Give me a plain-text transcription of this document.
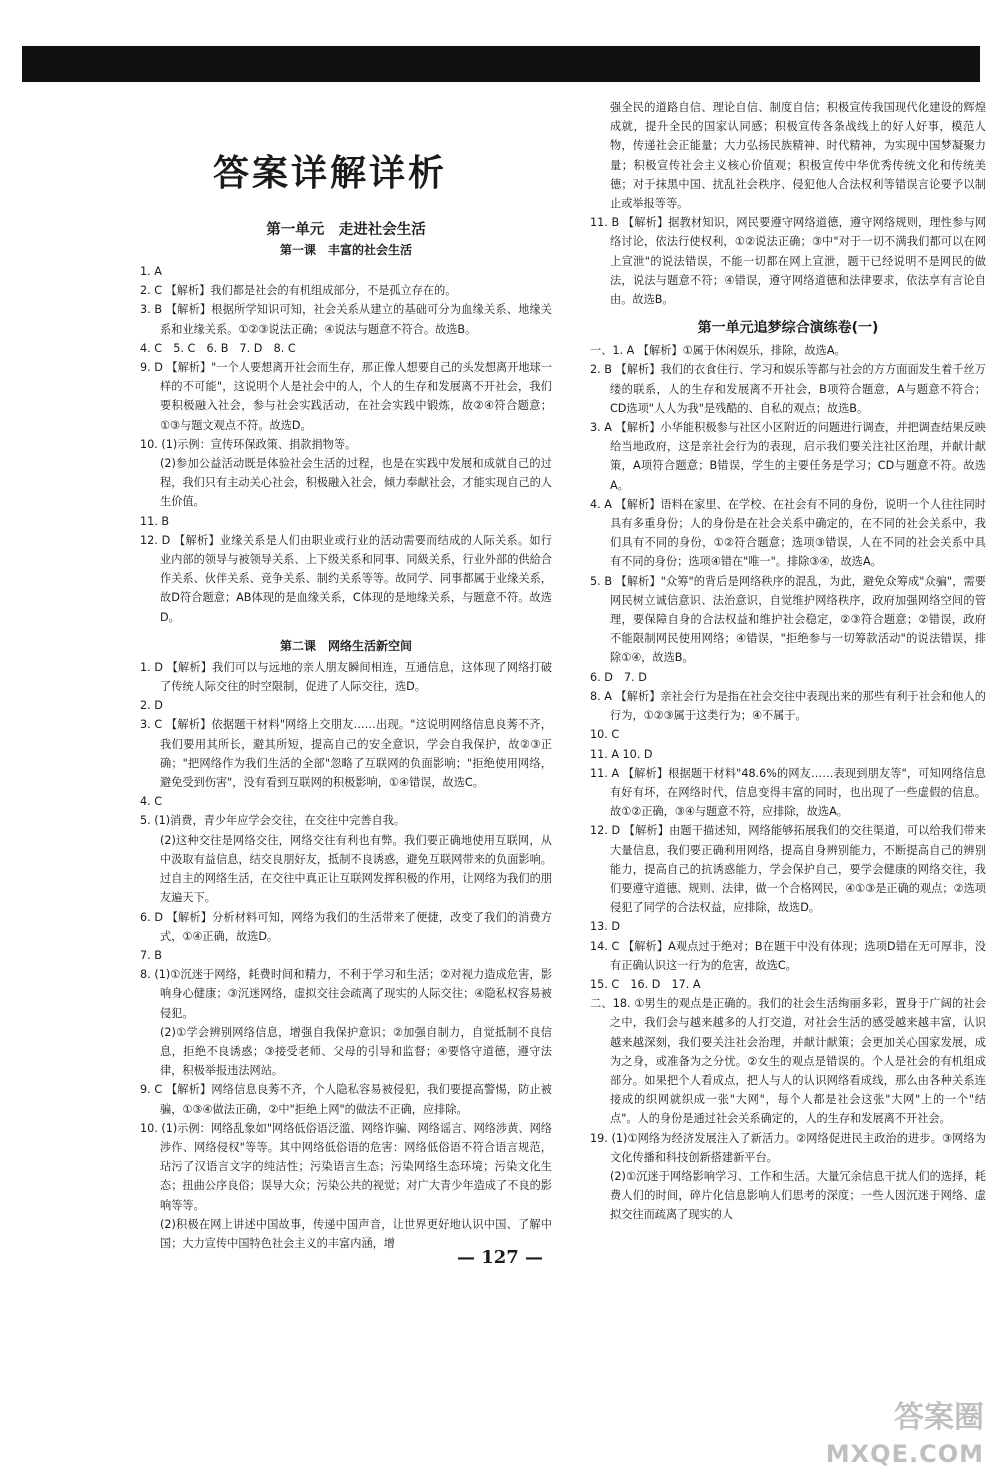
答案详解详析
第一单元　走进社会生活
第一课　丰富的社会生活

1. A

2. C 【解析】我们都是社会的有机组成部分，不是孤立存在的。

3. B 【解析】根据所学知识可知，社会关系从建立的基础可分为血缘关系、地缘关系和业缘关系。①②③说法正确；④说法与题意不符合。故选B。

4. C　5. C　6. B　7. D　8. C

9. D 【解析】"一个人要想离开社会而生存，那正像人想要自己的头发想离开地球一样的不可能"，这说明个人是社会中的人，个人的生存和发展离不开社会，我们要积极融入社会，参与社会实践活动，在社会实践中锻炼，故②④符合题意；①③与题文观点不符。故选D。

10. (1)示例：宣传环保政策、捐款捐物等。

(2)参加公益活动既是体验社会生活的过程，也是在实践中发展和成就自己的过程，我们只有主动关心社会，积极融入社会，倾力奉献社会，才能实现自己的人生价值。

11. B

12. D 【解析】业缘关系是人们由职业或行业的活动需要而结成的人际关系。如行业内部的领导与被领导关系、上下级关系和同事、同級关系，行业外部的供給合作关系、伙伴关系、竞争关系、制约关系等等。故同学、同事都属于业缘关系，故D符合题意；AB体现的是血缘关系，C体现的是地缘关系，与题意不符。故选D。

第二课　网络生活新空间

1. D 【解析】我们可以与远地的亲人朋友瞬间相连，互通信息，这体现了网络打破了传统人际交往的时空限制，促进了人际交往，选D。

2. D

3. C 【解析】依据题干材料"网络上交朋友……出现。"这说明网络信息良莠不齐，我们要用其所长，避其所短，提高自己的安全意识，学会自我保护，故②③正确；"把网络作为我们生活的全部"忽略了互联网的负面影响；"拒绝使用网络，避免受到伤害"，没有看到互联网的积极影响，①④错误，故选C。

4. C

5. (1)消费，青少年应学会交往，在交往中完善自我。

(2)这种交往是网络交往，网络交往有利也有弊。我们要正确地使用互联网，从中汲取有益信息，结交良朋好友，抵制不良诱惑，避免互联网带来的负面影响。过自主的网络生活，在交往中真正让互联网发挥积极的作用，让网络为我们的朋友遍天下。

6. D 【解析】分析材料可知，网络为我们的生活带来了便捷，改变了我们的消费方式，①④正确，故选D。

7. B

8. (1)①沉迷于网络，耗费时间和精力，不利于学习和生活；②对视力造成危害，影响身心健康；③沉迷网络，虚拟交往会疏离了现实的人际交往；④隐私权容易被侵犯。

(2)①学会辨别网络信息，增强自我保护意识；②加强自制力，自觉抵制不良信息，拒绝不良诱惑；③接受老师、父母的引导和监督；④要恪守道德，遵守法律，积极举报违法网站。

9. C 【解析】网络信息良莠不齐，个人隐私容易被侵犯，我们要提高警惕，防止被骗，①③④做法正确，②中"拒绝上网"的做法不正确，应排除。

10. (1)示例：网络乱象如"网络低俗语泛滥、网络诈骗、网络谣言、网络涉黄、网络涉作、网络侵权"等等。其中网络低俗语的危害：网络低俗语不符合语言规范，玷污了汉语言文字的纯洁性；污染语言生态；污染网络生态环境；污染文化生态；扭曲公序良俗；误导大众；污染公共的视觉；对广大青少年造成了不良的影响等等。

(2)积极在网上讲述中国故事，传递中国声音，让世界更好地认识中国、了解中国；大力宣传中国特色社会主义的丰富内涵，增

强全民的道路自信、理论自信、制度自信；积极宣传我国现代化建设的辉煌成就，提升全民的国家认同感；积极宣传各条战线上的好人好事，模范人物，传递社会正能量；大力弘扬民族精神、时代精神，为实现中国梦凝聚力量；积极宣传社会主义核心价值观；积极宣传中华优秀传统文化和传统美德；对于抹黑中国、扰乱社会秩序、侵犯他人合法权利等错误言论要予以制止或举报等等。

11. B 【解析】据教材知识，网民要遵守网络道德，遵守网络规则，理性参与网络讨论，依法行使权利，①②说法正确；③中"对于一切不满我们都可以在网上宣泄"的说法错误，不能一切都在网上宣泄，题干已经说明不是网民的做法，说法与题意不符；④错误，遵守网络道德和法律要求，依法享有言论自由。故选B。

第一单元追梦综合演练卷(一)

一、1. A 【解析】①属于休闲娱乐，排除，故选A。

2. B 【解析】我们的衣食住行、学习和娱乐等都与社会的方方面面发生着千丝万缕的联系，人的生存和发展离不开社会，B项符合题意，A与题意不符合；CD选项"人人为我"是残酷的、自私的观点；故选B。

3. A 【解析】小华能积极参与社区小区附近的问题进行调查，并把调查结果反映给当地政府，这是亲社会行为的表现，启示我们要关注社区治理，并献计献策，A项符合题意；B错误，学生的主要任务是学习；CD与题意不符。故选A。

4. A 【解析】语料在家里、在学校、在社会有不同的身份，说明一个人往往同时具有多重身份；人的身份是在社会关系中确定的，在不同的社会关系中，我们具有不同的身份，①②符合题意；选项③错误，人在不同的社会关系中具有不同的身份；选项④错在"唯一"。排除③④，故选A。

5. B 【解析】"众筹"的背后是网络秩序的混乱，为此，避免众筹成"众骗"，需要网民树立诚信意识、法治意识，自觉维护网络秩序，政府加强网络空间的管理，要保障自身的合法权益和维护社会稳定，②③符合题意；②错误，政府不能限制网民使用网络；④错误，"拒绝参与一切筹款活动"的说法错误，排除①④，故选B。

6. D　7. D

8. A 【解析】亲社会行为是指在社会交往中表现出来的那些有利于社会和他人的行为，①②③属于这类行为；④不属于。

10. C

11. A 10. D

11. A 【解析】根据题干材料"48.6%的网友……表现到朋友等"，可知网络信息有好有坏，在网络时代，信息变得丰富的同时，也出现了一些虚假的信息。故①②正确，③④与题意不符，应排除，故选A。

12. D 【解析】由题干描述知，网络能够拓展我们的交往渠道，可以给我们带来大量信息，我们要正确利用网络，提高自身辨别能力，不断提高自己的辨别能力，提高自己的抗诱惑能力，学会保护自己，要学会健康的网络交往，我们要遵守道德、规则、法律，做一个合格网民，④①③是正确的观点；②选项侵犯了同学的合法权益，应排除，故选D。

13. D

14. C 【解析】A观点过于绝对；B在题干中没有体现；选项D错在无可厚非，没有正确认识这一行为的危害，故选C。

15. C　16. D　17. A

二、18. ①男生的观点是正确的。我们的社会生活绚丽多彩，置身于广阔的社会之中，我们会与越来越多的人打交道，对社会生活的感受越来越丰富，认识越来越深刻，我们要关注社会治理，并献计献策；会更加关心国家发展，成为之身，或准备为之分忧。②女生的观点是错误的。个人是社会的有机组成部分。如果把个人看成点，把人与人的认识网络看成线，那么由各种关系连接成的织网就织成一张"大网"，每个人都是社会这张"大网"上的一个"结点"。人的身份是通过社会关系确定的，人的生存和发展离不开社会。

19. (1)①网络为经济发展注入了新活力。②网络促进民主政治的进步。③网络为文化传播和科技创新搭建新平台。

(2)①沉迷于网络影响学习、工作和生活。大量冗余信息干扰人们的选择，耗费人们的时间，碎片化信息影响人们思考的深度；一些人因沉迷于网络、虚拟交往而疏离了现实的人

— 127 —
答案圈
MXQE.COM
